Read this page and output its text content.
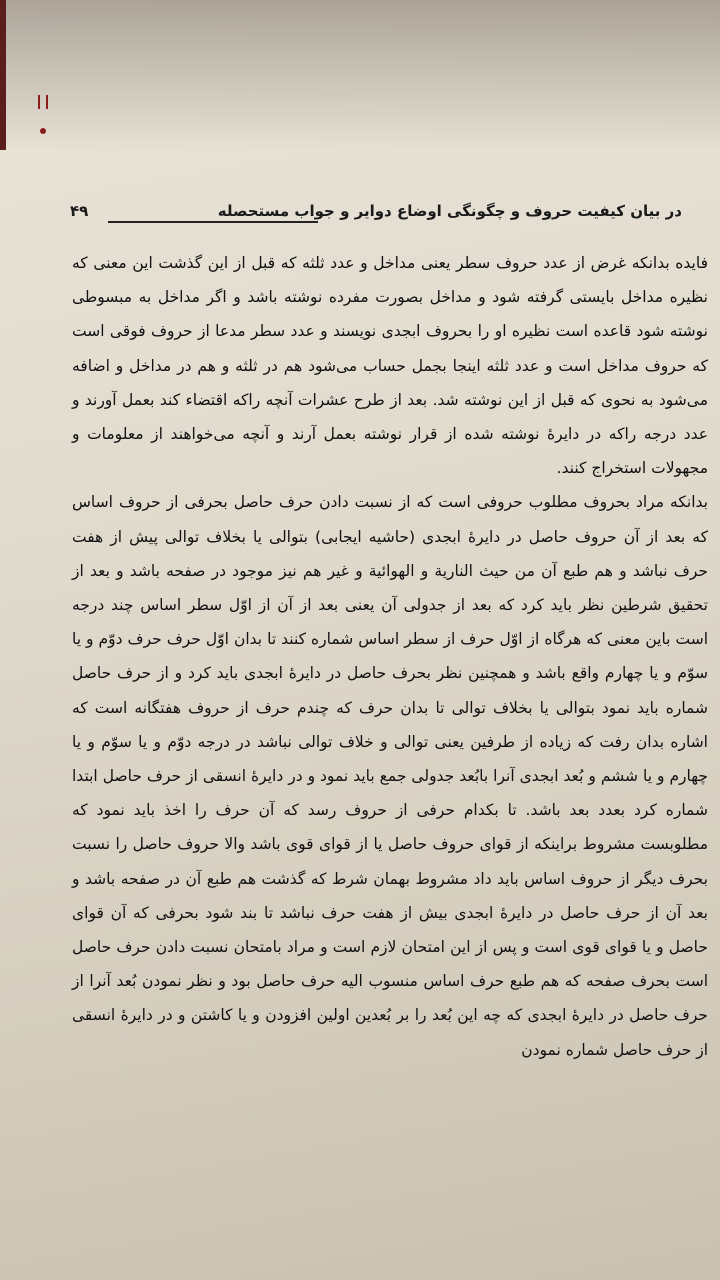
در بیان کیفیت حروف و چگونگی اوضاع دوایر و جواب مستحصله
۴۹

فایده بدانکه غرض از عدد حروف سطر یعنی مداخل و عدد ثلثه که قبل از این گذشت این معنی که نظیره مداخل بایستی گرفته شود و مداخل بصورت مفرده نوشته باشد و اگر مداخل به مبسوطی نوشته شود قاعده است نظیره او را بحروف ابجدی نویسند و عدد سطر مدعا از حروف فوقی است که حروف مداخل است و عدد ثلثه اینجا بجمل حساب می‌شود هم در ثلثه و هم در مداخل و اضافه می‌شود به نحوی که قبل از این نوشته شد. بعد از طرح عشرات آنچه راکه اقتضاء کند بعمل آورند و عدد درجه راکه در دایرهٔ نوشته شده از قرار نوشته بعمل آرند و آنچه می‌خواهند از معلومات و مجهولات استخراج کنند.

بدانکه مراد بحروف مطلوب حروفی است که از نسبت دادن حرف حاصل بحرفی از حروف اساس که بعد از آن حروف حاصل در دایرهٔ ابجدی (حاشیه ایجابی) بتوالی یا بخلاف توالی پیش از هفت حرف نباشد و هم طبع آن من حیث النارية و الهوائية و غیر هم نیز موجود در صفحه باشد و بعد از تحقیق شرطین نظر باید کرد که بعد از جدولی آن یعنی بعد از آن از اوّل سطر اساس چند درجه است باین معنی که هرگاه از اوّل حرف از سطر اساس شماره کنند تا بدان اوّل حرف حرف دوّم و یا سوّم و یا چهارم واقع باشد و همچنین نظر بحرف حاصل در دایرهٔ ابجدی باید کرد و از حرف حاصل شماره باید نمود بتوالی یا بخلاف توالی تا بدان حرف که چندم حرف از حروف هفتگانه است که اشاره بدان رفت که زیاده از طرفین یعنی توالی و خلاف توالی نباشد در درجه دوّم و یا سوّم و یا چهارم و یا ششم و بُعد ابجدی آنرا بابُعد جدولی جمع باید نمود و در دایرهٔ انسقی از حرف حاصل ابتدا شماره کرد بعدد بعد باشد. تا بکدام حرفی از حروف رسد که آن حرف را اخذ باید نمود که مطلوبست مشروط براینکه از قوای حروف حاصل یا از قوای قوی باشد والا حروف حاصل را نسبت بحرف دیگر از حروف اساس باید داد مشروط بهمان شرط که گذشت هم طبع آن در صفحه باشد و بعد آن از حرف حاصل در دایرهٔ ابجدی بیش از هفت حرف نباشد تا بند شود بحرفی که آن قوای حاصل و یا قوای قوی است و پس از این امتحان لازم است و مراد بامتحان نسبت دادن حرف حاصل است بحرف صفحه که هم طبع حرف اساس منسوب الیه حرف حاصل بود و نظر نمودن بُعد آنرا از حرف حاصل در دایرهٔ ابجدی که چه این بُعد را بر بُعدین اولین افزودن و یا کاشتن و در دایرهٔ انسقی از حرف حاصل شماره نمودن
